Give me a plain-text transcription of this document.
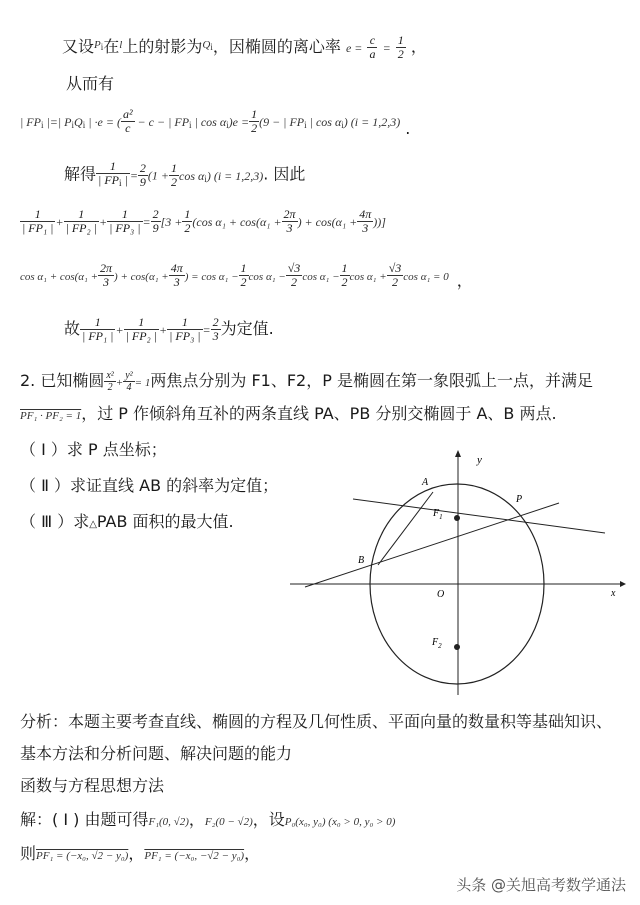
又设$^{P_i}$在$^l$上的射影为$^{Q_i}$，因椭圆的离心率 $e = \frac{c}{a} = \frac{1}{2}$ ，
从而有
| $FP_i$ |=| $P_iQ_i$ | ·e = ( $\frac{\text{a²}}{c} - c$ − | $FP_i$ | $\cos \alpha_i)e = \frac{1}{2} (9$ − | $FP_i$ | $\cos \alpha_i$) (i = 1,2,3) .
解得 $\frac{1}{| FP_i |} = \frac{2}{9} (1 + \frac{1}{2}$ $\cos \alpha_i$) (i = 1,2,3). 因此
$\frac{1}{\text{| FP₁ |}} + \frac{1}{\text{| FP₂ |}} + \frac{1}{\text{| FP₃ |}} = \frac{2}{9} [3 + \frac{1}{2} (\cos$ $\alpha_1 + \cos(\alpha_1 + \frac{2\pi}{3}$ ) + $\cos(\alpha_1 + \frac{4\pi}{3}$ ))]
$\cos \alpha_1 + \cos(\alpha_1 + \frac{2\pi}{3}$ ) + $\cos(\alpha_1 + \frac{4\pi}{3}$ ) = $\cos \alpha_1 - \frac{1}{2}$ $\cos \alpha_1 - \frac{√3}{2}$ $\cos \alpha_1 - \frac{1}{2}$ $\cos \alpha_1 + \frac{√3}{2}$ cos α₁ = 0 ，
故 $\frac{1}{\text{| FP₁ |}} + \frac{1}{\text{| FP₂ |}} + \frac{1}{\text{| FP₃ |}} = \frac{2}{3}$ 为定值.
2. 已知椭圆 $\frac{\text{x²}}{2} + \frac{\text{y²}}{4} = 1$两焦点分别为 F1、F2，P 是椭圆在第一象限弧上一点，并满足
PF₁ · PF₂ = 1，过 P 作倾斜角互补的两条直线 PA、PB 分别交椭圆于 A、B 两点.
（ Ⅰ ）求 P 点坐标；
（ Ⅱ ）求证直线 AB 的斜率为定值；
（ Ⅲ ）求△PAB 面积的最大值.
y
x
O
A
B
P
$F_1$
$F_2$
分析：本题主要考查直线、椭圆的方程及几何性质、平面向量的数量积等基础知识、
基本方法和分析问题、解决问题的能力
函数与方程思想方法
解：( Ⅰ ) 由题可得F₁(0, √2)，F₂(0 − √2)，设P₀(x₀, y₀) (x₀ > 0, y₀ > 0)
则PF₁ = (−x₀, √2 − y₀)，PF₁ = (−x₀, −√2 − y₀)，
头条 @关旭高考数学通法
